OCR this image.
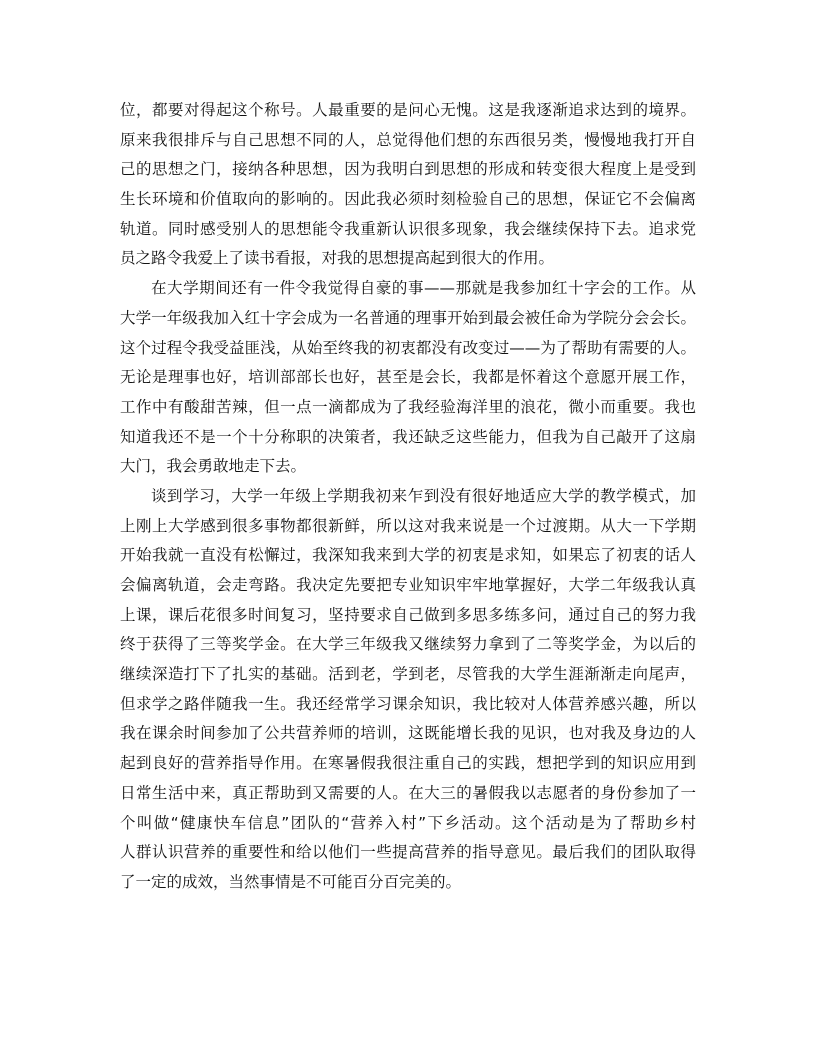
位，都要对得起这个称号。人最重要的是问心无愧。这是我逐渐追求达到的境界。
原来我很排斥与自己思想不同的人，总觉得他们想的东西很另类，慢慢地我打开自
己的思想之门，接纳各种思想，因为我明白到思想的形成和转变很大程度上是受到
生长环境和价值取向的影响的。因此我必须时刻检验自己的思想，保证它不会偏离
轨道。同时感受别人的思想能令我重新认识很多现象，我会继续保持下去。追求党
员之路令我爱上了读书看报，对我的思想提高起到很大的作用。
在大学期间还有一件令我觉得自豪的事——那就是我参加红十字会的工作。从
大学一年级我加入红十字会成为一名普通的理事开始到最会被任命为学院分会会长。
这个过程令我受益匪浅，从始至终我的初衷都没有改变过——为了帮助有需要的人。
无论是理事也好，培训部部长也好，甚至是会长，我都是怀着这个意愿开展工作，
工作中有酸甜苦辣，但一点一滴都成为了我经验海洋里的浪花，微小而重要。我也
知道我还不是一个十分称职的决策者，我还缺乏这些能力，但我为自己敲开了这扇
大门，我会勇敢地走下去。
谈到学习，大学一年级上学期我初来乍到没有很好地适应大学的教学模式，加
上刚上大学感到很多事物都很新鲜，所以这对我来说是一个过渡期。从大一下学期
开始我就一直没有松懈过，我深知我来到大学的初衷是求知，如果忘了初衷的话人
会偏离轨道，会走弯路。我决定先要把专业知识牢牢地掌握好，大学二年级我认真
上课，课后花很多时间复习，坚持要求自己做到多思多练多问，通过自己的努力我
终于获得了三等奖学金。在大学三年级我又继续努力拿到了二等奖学金，为以后的
继续深造打下了扎实的基础。活到老，学到老，尽管我的大学生涯渐渐走向尾声，
但求学之路伴随我一生。我还经常学习课余知识，我比较对人体营养感兴趣，所以
我在课余时间参加了公共营养师的培训，这既能增长我的见识，也对我及身边的人
起到良好的营养指导作用。在寒暑假我很注重自己的实践，想把学到的知识应用到
日常生活中来，真正帮助到又需要的人。在大三的暑假我以志愿者的身份参加了一
个叫做“健康快车信息”团队的“营养入村”下乡活动。这个活动是为了帮助乡村
人群认识营养的重要性和给以他们一些提高营养的指导意见。最后我们的团队取得
了一定的成效，当然事情是不可能百分百完美的。
